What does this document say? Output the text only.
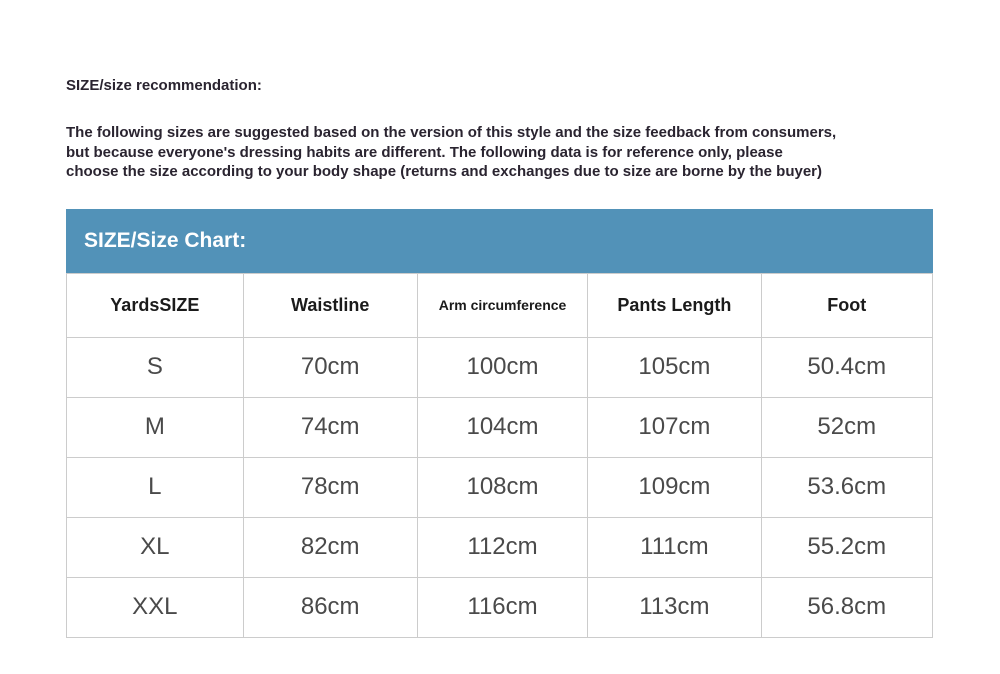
SIZE/size recommendation:
The following sizes are suggested based on the version of this style and the size feedback from consumers,
but because everyone's dressing habits are different. The following data is for reference only, please
choose the size according to your body shape (returns and exchanges due to size are borne by the buyer)
SIZE/Size Chart:
YardsSIZE	Waistline	Arm circumference	Pants Length	Foot
S	70cm	100cm	105cm	50.4cm
M	74cm	104cm	107cm	52cm
L	78cm	108cm	109cm	53.6cm
XL	82cm	112cm	111cm	55.2cm
XXL	86cm	116cm	113cm	56.8cm
